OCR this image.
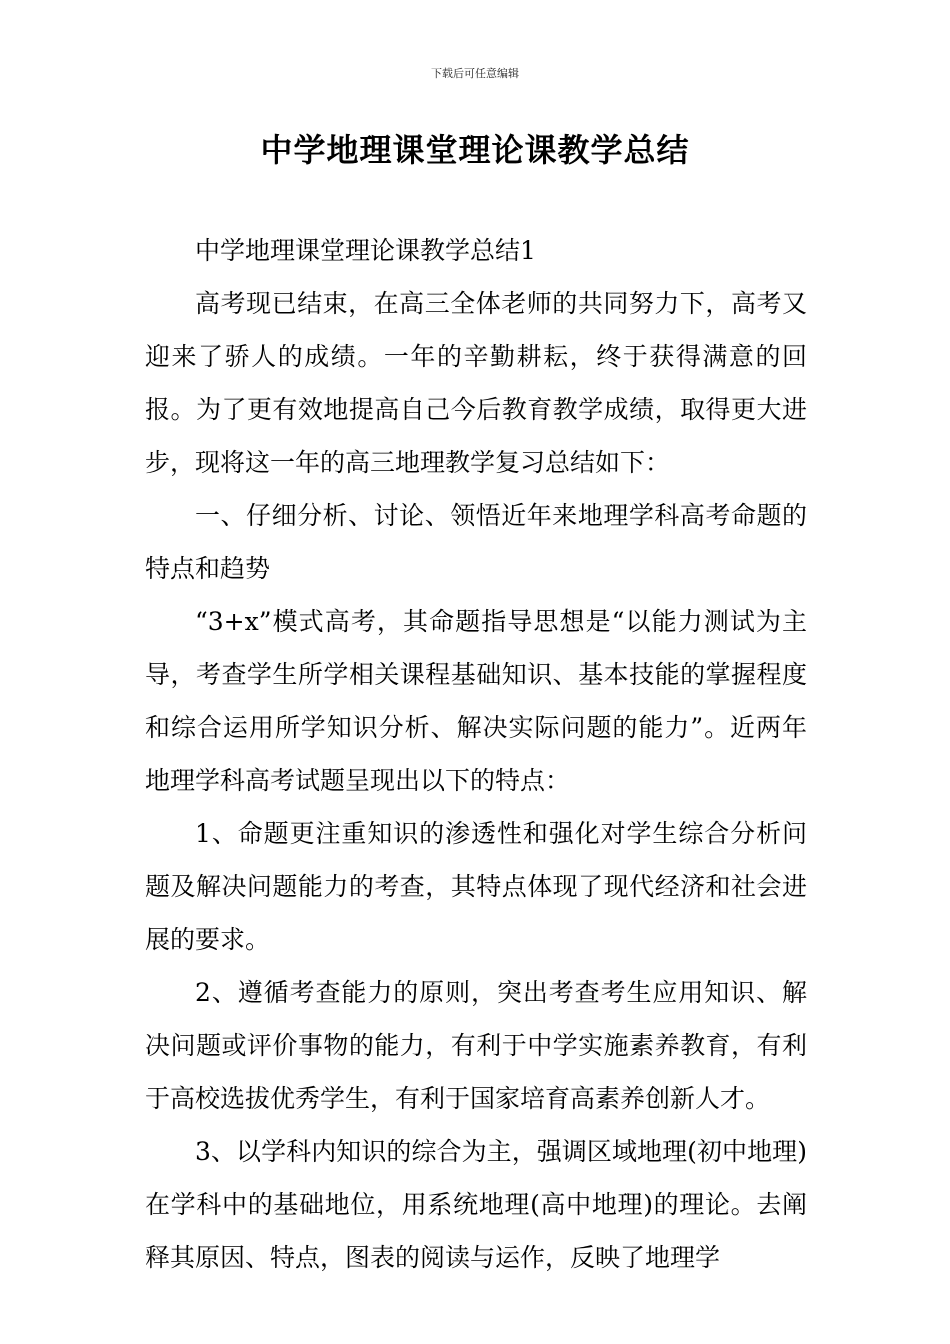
下载后可任意编辑
中学地理课堂理论课教学总结

中学地理课堂理论课教学总结1

高考现已结束，在高三全体老师的共同努力下，高考又迎来了骄人的成绩。一年的辛勤耕耘，终于获得满意的回报。为了更有效地提高自己今后教育教学成绩，取得更大进步，现将这一年的高三地理教学复习总结如下：

一、仔细分析、讨论、领悟近年来地理学科高考命题的特点和趋势

“3+x”模式高考，其命题指导思想是“以能力测试为主导，考查学生所学相关课程基础知识、基本技能的掌握程度和综合运用所学知识分析、解决实际问题的能力”。近两年地理学科高考试题呈现出以下的特点：

1、命题更注重知识的渗透性和强化对学生综合分析问题及解决问题能力的考查，其特点体现了现代经济和社会进展的要求。

2、遵循考查能力的原则，突出考查考生应用知识、解决问题或评价事物的能力，有利于中学实施素养教育，有利于高校选拔优秀学生，有利于国家培育高素养创新人才。

3、以学科内知识的综合为主，强调区域地理(初中地理)在学科中的基础地位，用系统地理(高中地理)的理论。去阐释其原因、特点，图表的阅读与运作，反映了地理学
